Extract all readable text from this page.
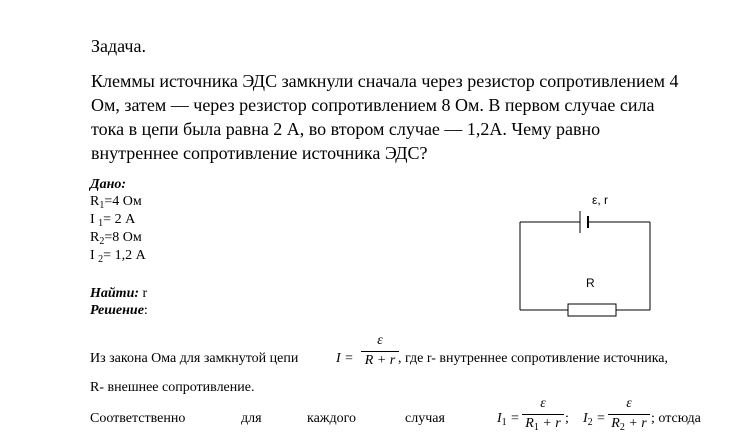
Задача.
Клеммы источника ЭДС замкнули сначала через резистор сопротивлением 4
Ом, затем — через резистор сопротивлением 8 Ом. В первом случае сила
тока в цепи была равна 2 А, во втором случае — 1,2А. Чему равно
внутреннее сопротивление источника ЭДС?
Дано:
$R_1=4$ Ом
I $_1$= 2 А
$R_2=8$ Ом
I $_2$= 1,2 А
Найти: r
Решение:
ε, r
R
Из закона Ома для замкнутой цепи	I =
ε
R + r , где r- внутреннее сопротивление источника,
R- внешнее сопротивление.
Соответственно	для	каждого	случая	$I_1$ =
ε
$R_1 + r$ ; $I_2$ =
ε
$R_2 + r$ ; отсюда
